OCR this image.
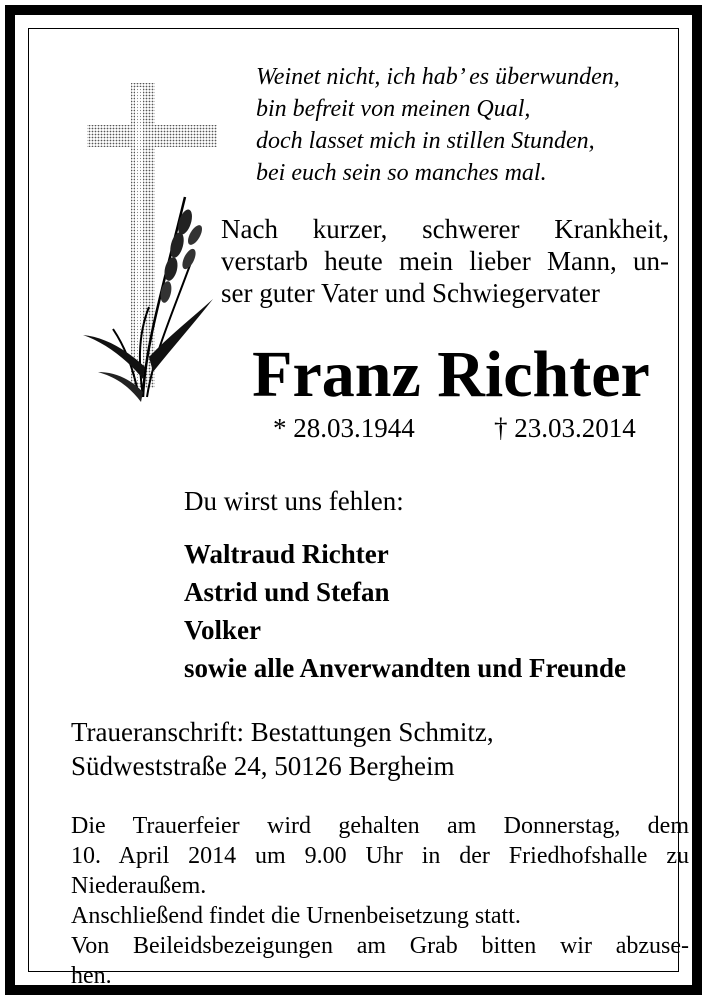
Weinet nicht, ich hab’ es überwunden,
bin befreit von meinen Qual,
doch lasset mich in stillen Stunden,
bei euch sein so manches mal.
Nach kurzer, schwerer Krankheit,
verstarb heute mein lieber Mann, un-
ser guter Vater und Schwiegervater
Franz Richter
* 28.03.1944	† 23.03.2014
Du wirst uns fehlen:
Waltraud Richter
Astrid und Stefan
Volker
sowie alle Anverwandten und Freunde
Traueranschrift: Bestattungen Schmitz,
Südweststraße 24, 50126 Bergheim
Die Trauerfeier wird gehalten am Donnerstag, dem
10. April 2014 um 9.00 Uhr in der Friedhofshalle zu
Niederaußem.
Anschließend findet die Urnenbeisetzung statt.
Von Beileidsbezeigungen am Grab bitten wir abzuse-
hen.
